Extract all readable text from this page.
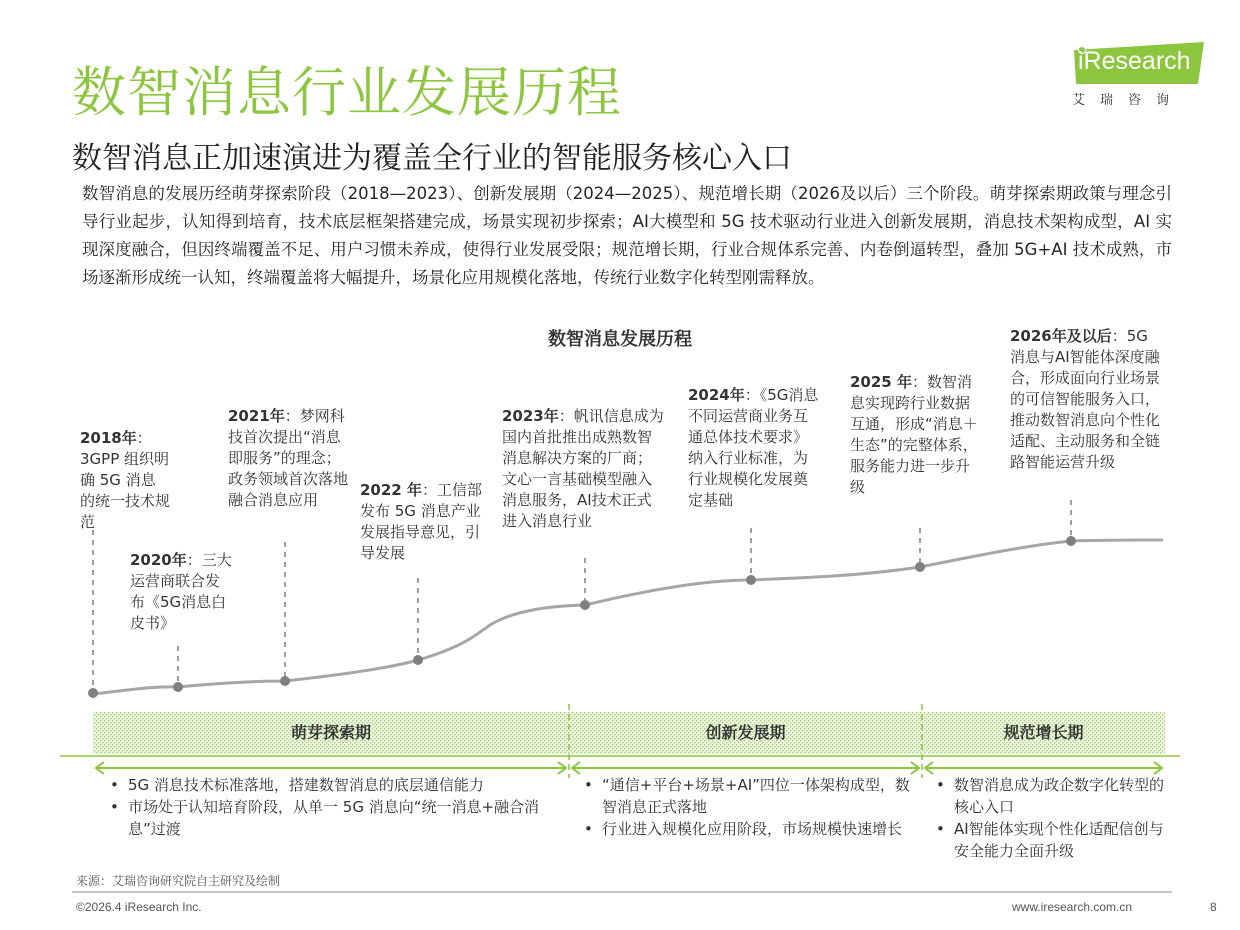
数智消息行业发展历程
数智消息正加速演进为覆盖全行业的智能服务核心入口
数智消息的发展历经萌芽探索阶段（2018—2023）、创新发展期（2024—2025）、规范增长期（2026及以后）三个阶段。萌芽探索期政策与理念引导行业起步，认知得到培育，技术底层框架搭建完成，场景实现初步探索；AI大模型和 5G 技术驱动行业进入创新发展期，消息技术架构成型，AI 实现深度融合，但因终端覆盖不足、用户习惯未养成，使得行业发展受限；规范增长期，行业合规体系完善、内卷倒逼转型，叠加 5G+AI 技术成熟，市场逐渐形成统一认知，终端覆盖将大幅提升，场景化应用规模化落地，传统行业数字化转型刚需释放。
iResearch
艾瑞咨询
数智消息发展历程
2018年：3GPP 组织明确 5G 消息的统一技术规范
2020年：三大运营商联合发布《5G消息白皮书》
2021年：梦网科技首次提出“消息即服务”的理念；政务领域首次落地融合消息应用
2022 年：工信部发布 5G 消息产业发展指导意见，引导发展
2023年：帆讯信息成为国内首批推出成熟数智消息解决方案的厂商；文心一言基础模型融入消息服务，AI技术正式进入消息行业
2024年：《5G消息不同运营商业务互通总体技术要求》纳入行业标准，为行业规模化发展奠定基础
2025 年：数智消息实现跨行业数据互通，形成“消息＋生态”的完整体系，服务能力进一步升级
2026年及以后：5G消息与AI智能体深度融合，形成面向行业场景的可信智能服务入口，推动数智消息向个性化适配、主动服务和全链路智能运营升级
萌芽探索期	创新发展期	规范增长期
• 5G 消息技术标准落地，搭建数智消息的底层通信能力
• 市场处于认知培育阶段，从单一 5G 消息向“统一消息+融合消息”过渡
• “通信+平台+场景+AI”四位一体架构成型，数智消息正式落地
• 行业进入规模化应用阶段，市场规模快速增长
• 数智消息成为政企数字化转型的核心入口
• AI智能体实现个性化适配信创与安全能力全面升级
来源：艾瑞咨询研究院自主研究及绘制
©2026.4 iResearch Inc.	www.iresearch.com.cn	8
